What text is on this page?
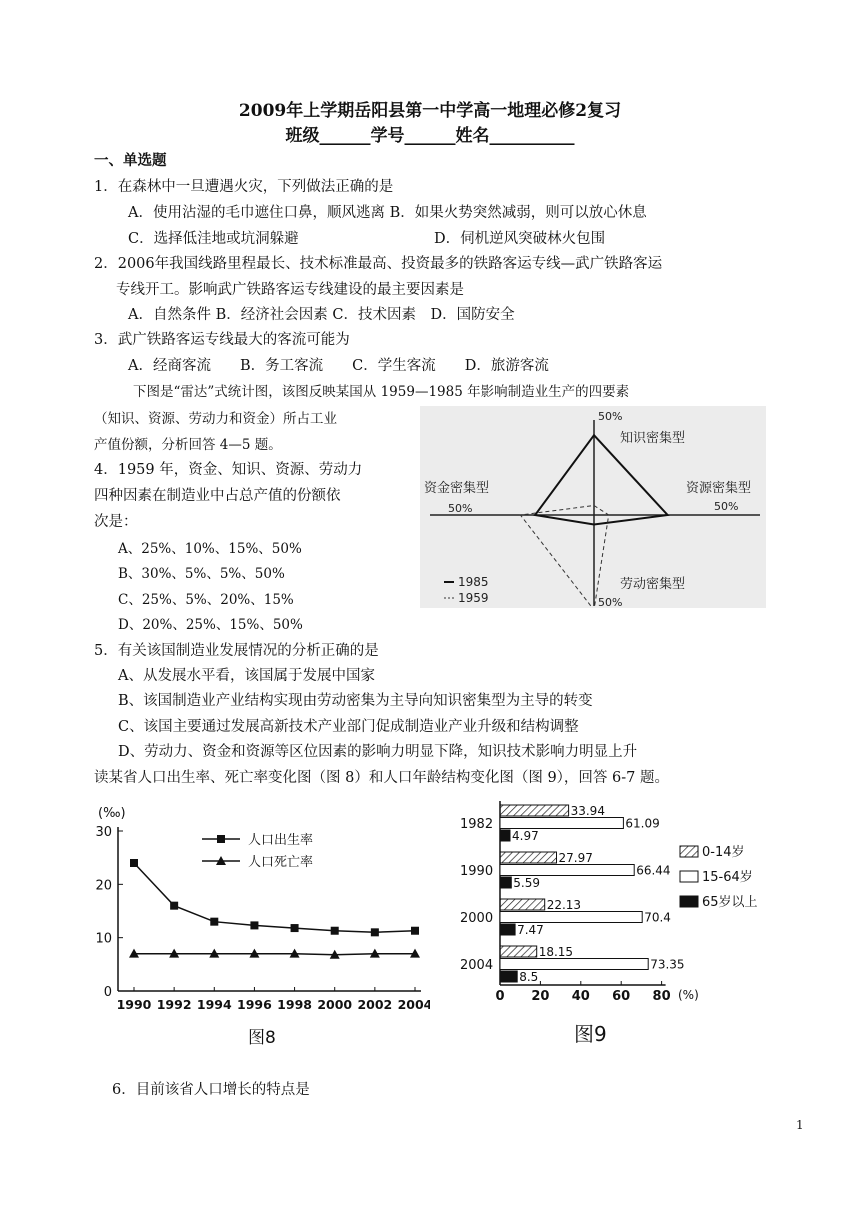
2009年上学期岳阳县第一中学高一地理必修2复习
班级______学号______姓名__________
一、单选题
1．在森林中一旦遭遇火灾，下列做法正确的是
A．使用沾湿的毛巾遮住口鼻，顺风逃离 B．如果火势突然减弱，则可以放心休息
C．选择低洼地或坑洞躲避	D．伺机逆风突破林火包围
2．2006年我国线路里程最长、技术标准最高、投资最多的铁路客运专线—武广铁路客运
专线开工。影响武广铁路客运专线建设的最主要因素是
A．自然条件 B．经济社会因素 C．技术因素　D．国防安全
3．武广铁路客运专线最大的客流可能为
A．经商客流　　B．务工客流　　C．学生客流　　D．旅游客流
下图是“雷达”式统计图，该图反映某国从 1959—1985 年影响制造业生产的四要素
（知识、资源、劳动力和资金）所占工业
产值份额，分析回答 4—5 题。
4．1959 年，资金、知识、资源、劳动力
四种因素在制造业中占总产值的份额依
次是：
A、25%、10%、15%、50%
B、30%、5%、5%、50%
C、25%、5%、20%、15%
D、20%、25%、15%、50%
50%
50%	50%
50%
知识密集型
资源密集型
劳动密集型
资金密集型
1985
1959
5．有关该国制造业发展情况的分析正确的是
A、从发展水平看，该国属于发展中国家
B、该国制造业产业结构实现由劳动密集为主导向知识密集型为主导的转变
C、该国主要通过发展高新技术产业部门促成制造业产业升级和结构调整
D、劳动力、资金和资源等区位因素的影响力明显下降，知识技术影响力明显上升
读某省人口出生率、死亡率变化图（图 8）和人口年龄结构变化图（图 9），回答 6-7 题。
(‰)
0
10
20
30
1990 1992 1994 1996 1998 2000 2002 2004
人口出生率
人口死亡率
图8
0 20 40 60 80
1982
1990
2000
2004
33.94
61.09
4.97
27.97
66.44
5.59
22.13
70.4
7.47
18.15
73.35
8.5
0-14岁
15-64岁
65岁以上
(%)
图9
6．目前该省人口增长的特点是
1
